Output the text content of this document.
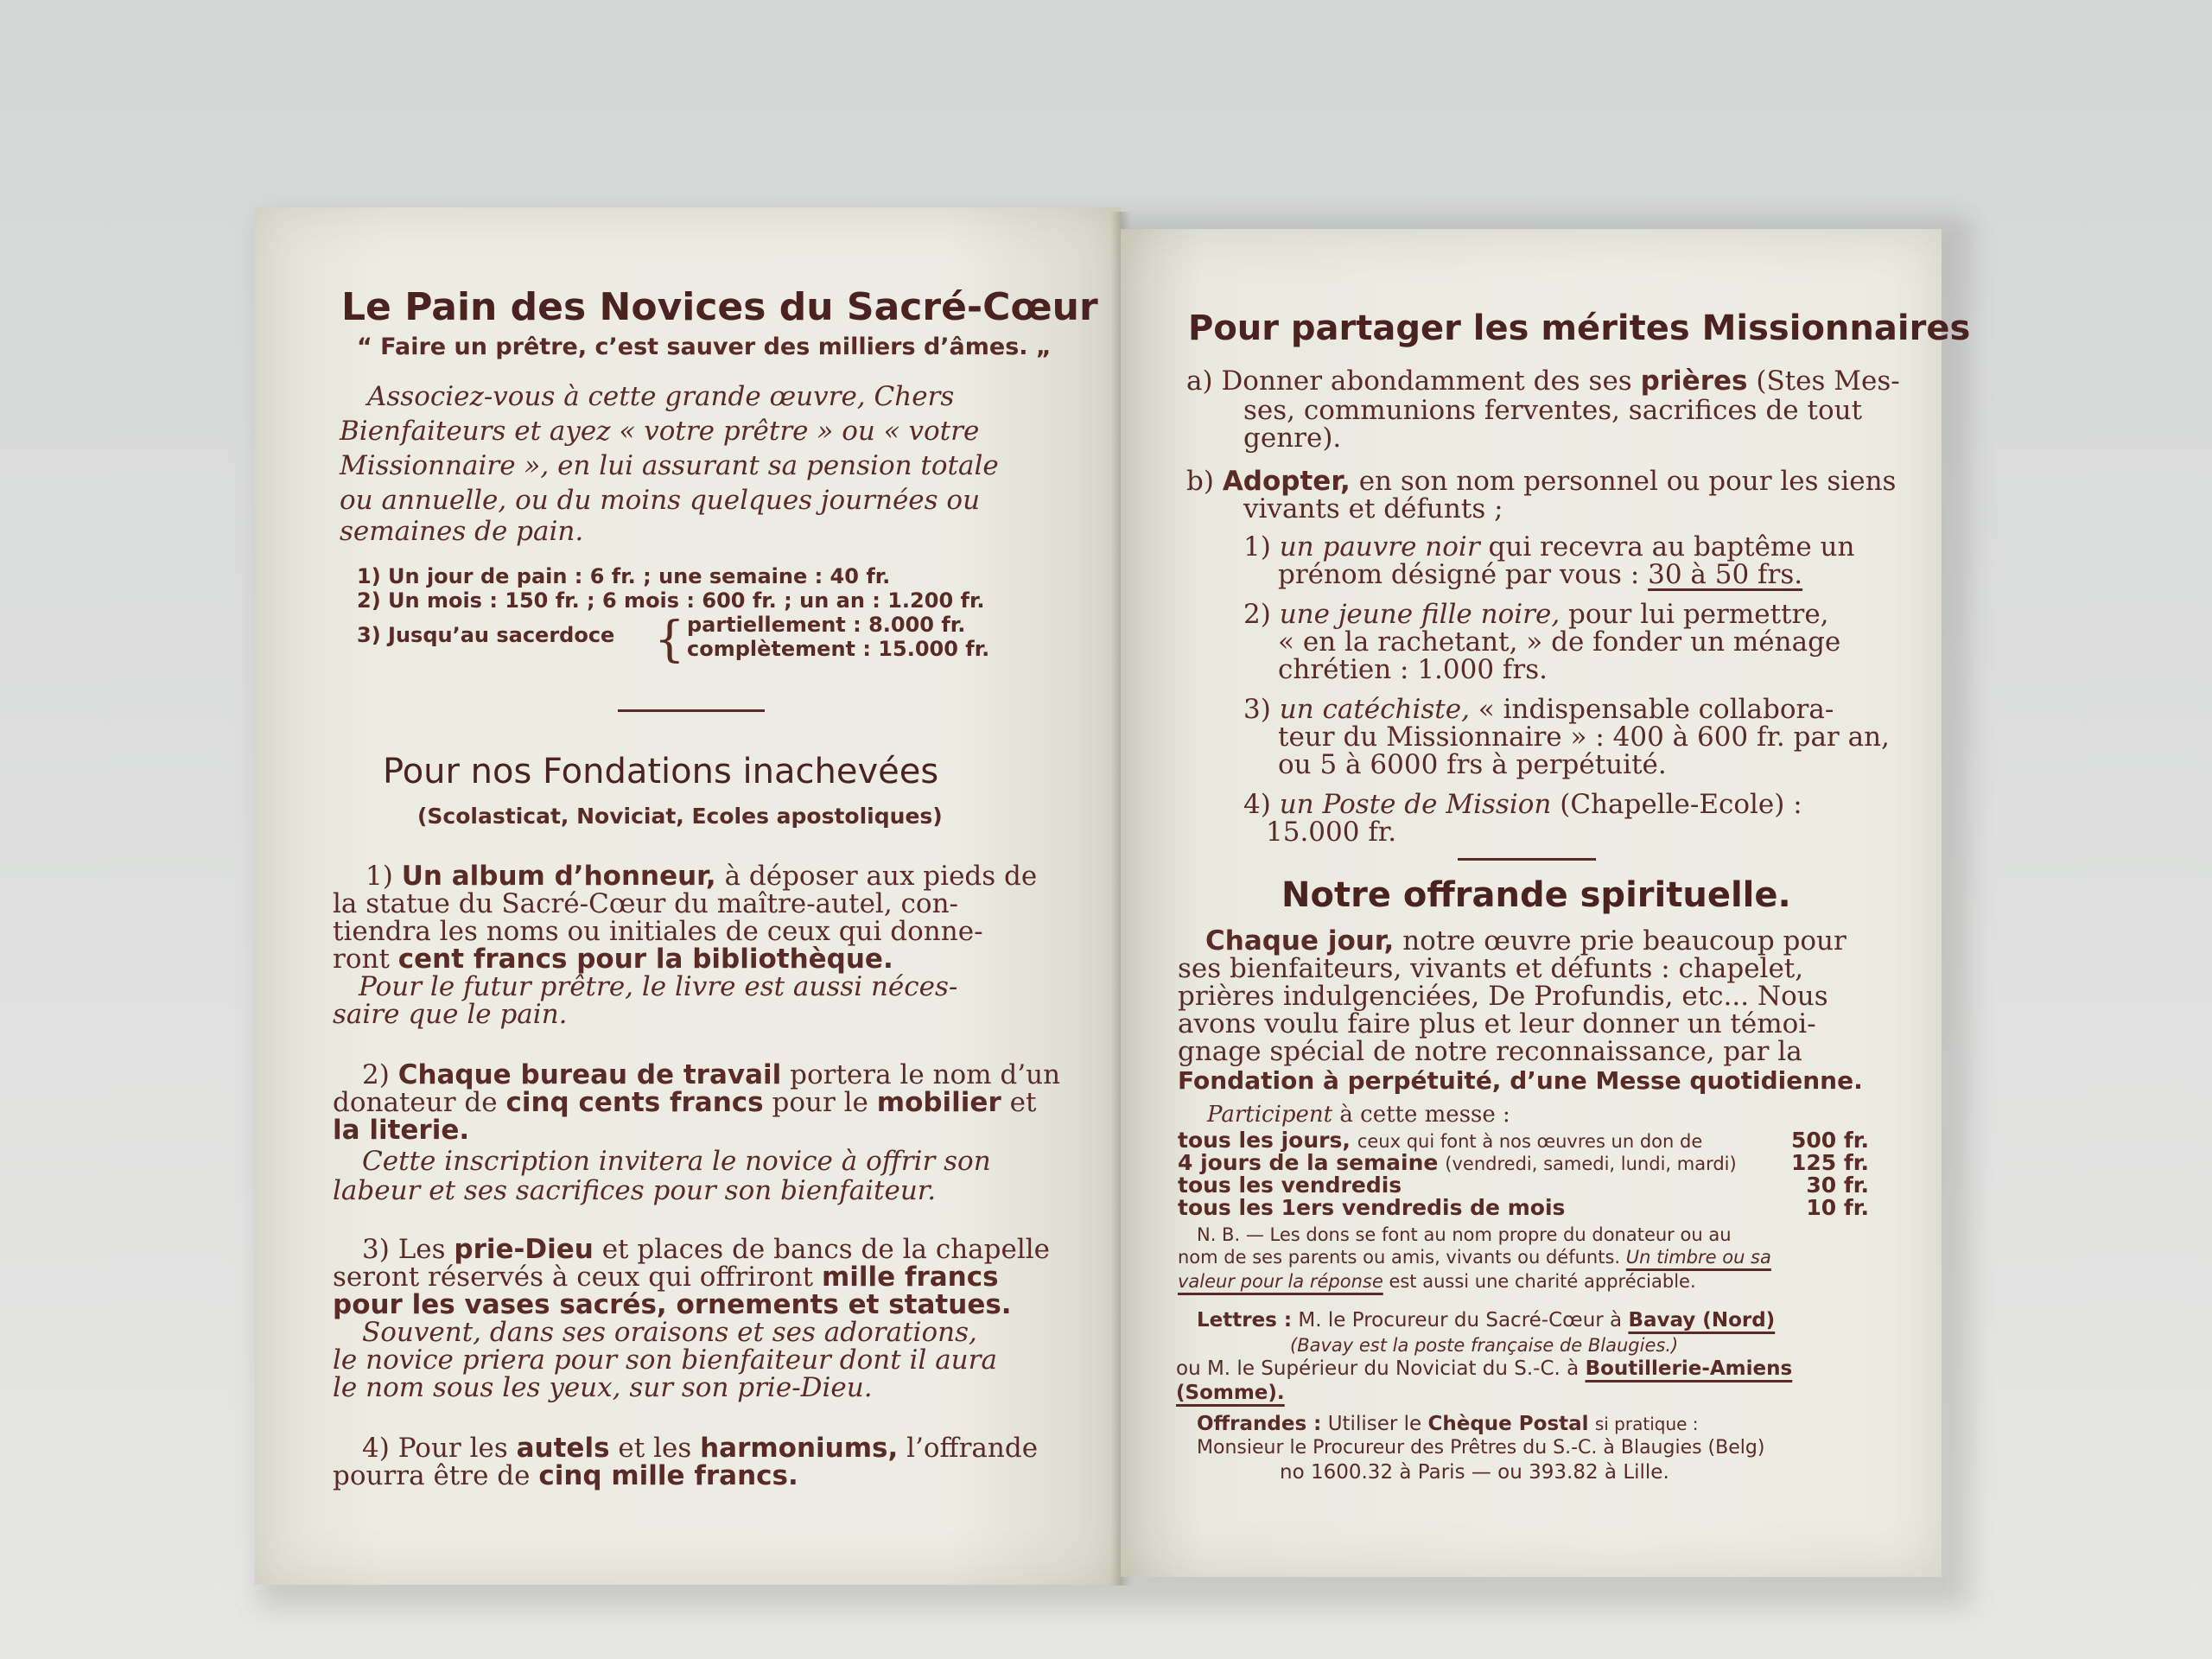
Le Pain des Novices du Sacré-Cœur
“ Faire un prêtre, c’est sauver des milliers d’âmes. „
Associez-vous à cette grande œuvre, Chers
Bienfaiteurs et ayez « votre prêtre » ou « votre
Missionnaire », en lui assurant sa pension totale
ou annuelle, ou du moins quelques journées ou
semaines de pain.
1) Un jour de pain : 6 fr. ; une semaine : 40 fr.
2) Un mois : 150 fr. ; 6 mois : 600 fr. ; un an : 1.200 fr.
3) Jusqu’au sacerdoce { partiellement : 8.000 fr.
complètement : 15.000 fr.
Pour nos Fondations inachevées
(Scolasticat, Noviciat, Ecoles apostoliques)
1) Un album d’honneur, à déposer aux pieds de
la statue du Sacré-Cœur du maître-autel, con-
tiendra les noms ou initiales de ceux qui donne-
ront cent francs pour la bibliothèque.
Pour le futur prêtre, le livre est aussi néces-
saire que le pain.
2) Chaque bureau de travail portera le nom d’un
donateur de cinq cents francs pour le mobilier et
la literie.
Cette inscription invitera le novice à offrir son
labeur et ses sacrifices pour son bienfaiteur.
3) Les prie-Dieu et places de bancs de la chapelle
seront réservés à ceux qui offriront mille francs
pour les vases sacrés, ornements et statues.
Souvent, dans ses oraisons et ses adorations,
le novice priera pour son bienfaiteur dont il aura
le nom sous les yeux, sur son prie-Dieu.
4) Pour les autels et les harmoniums, l’offrande
pourra être de cinq mille francs.
Pour partager les mérites Missionnaires
a) Donner abondamment des ses prières (Stes Mes-
ses, communions ferventes, sacrifices de tout
genre).
b) Adopter, en son nom personnel ou pour les siens
vivants et défunts ;
1) un pauvre noir qui recevra au baptême un
prénom désigné par vous : 30 à 50 frs.
2) une jeune fille noire, pour lui permettre,
« en la rachetant, » de fonder un ménage
chrétien : 1.000 frs.
3) un catéchiste, « indispensable collabora-
teur du Missionnaire » : 400 à 600 fr. par an,
ou 5 à 6000 frs à perpétuité.
4) un Poste de Mission (Chapelle-Ecole) :
15.000 fr.
Notre offrande spirituelle.
Chaque jour, notre œuvre prie beaucoup pour
ses bienfaiteurs, vivants et défunts : chapelet,
prières indulgenciées, De Profundis, etc... Nous
avons voulu faire plus et leur donner un témoi-
gnage spécial de notre reconnaissance, par la
Fondation à perpétuité, d’une Messe quotidienne.
Participent à cette messe :
tous les jours, ceux qui font à nos œuvres un don de	500 fr.
4 jours de la semaine (vendredi, samedi, lundi, mardi)	125 fr.
tous les vendredis	30 fr.
tous les 1ers vendredis de mois	10 fr.
N. B. — Les dons se font au nom propre du donateur ou au
nom de ses parents ou amis, vivants ou défunts. Un timbre ou sa
valeur pour la réponse est aussi une charité appréciable.
Lettres : M. le Procureur du Sacré-Cœur à Bavay (Nord)
(Bavay est la poste française de Blaugies.)
ou M. le Supérieur du Noviciat du S.-C. à Boutillerie-Amiens
(Somme).
Offrandes : Utiliser le Chèque Postal si pratique :
Monsieur le Procureur des Prêtres du S.-C. à Blaugies (Belg)
no 1600.32 à Paris — ou 393.82 à Lille.
